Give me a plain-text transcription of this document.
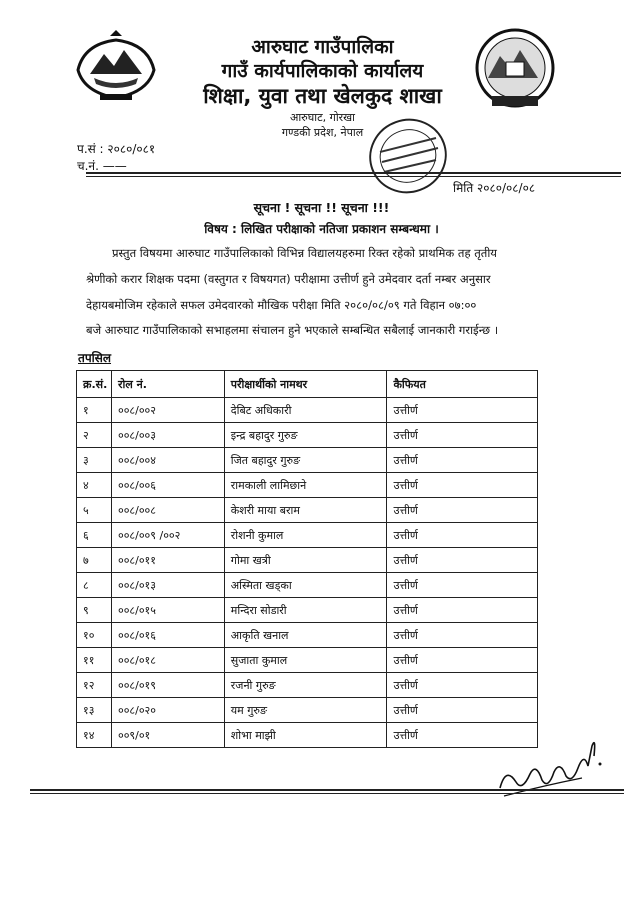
आरुघाट गाउँपालिका
गाउँ कार्यपालिकाको कार्यालय
शिक्षा, युवा तथा खेलकुद शाखा
आरुघाट, गोरखा
गण्डकी प्रदेश, नेपाल
प.सं : २०८०/०८१
च.नं. ——
मिति २०८०/०८/०८
सूचना ! सूचना !! सूचना !!!
विषय : लिखित परीक्षाको नतिजा प्रकाशन सम्बन्धमा ।
प्रस्तुत विषयमा आरुघाट गाउँपालिकाको विभिन्न विद्यालयहरुमा रिक्त रहेको प्राथमिक तह तृतीय
श्रेणीको करार शिक्षक पदमा (वस्तुगत र विषयगत) परीक्षामा उत्तीर्ण हुने उमेदवार दर्ता नम्बर अनुसार
देहायबमोजिम रहेकाले सफल उमेदवारको मौखिक परीक्षा मिति २०८०/०८/०९ गते विहान ०७:००
बजे आरुघाट गाउँपालिकाको सभाहलमा संचालन हुने भएकाले सम्बन्धित सबैलाई जानकारी गराईन्छ ।
तपसिल
क्र.सं.	रोल नं.	परीक्षार्थीको नामथर	कैफियत
१	००८/००२	देबिट अधिकारी	उत्तीर्ण
२	००८/००३	इन्द्र बहादुर गुरुङ	उत्तीर्ण
३	००८/००४	जित बहादुर गुरुङ	उत्तीर्ण
४	००८/००६	रामकाली लामिछाने	उत्तीर्ण
५	००८/००८	केशरी माया बराम	उत्तीर्ण
६	००८/००९ /००२	रोशनी कुमाल	उत्तीर्ण
७	००८/०११	गोमा खत्री	उत्तीर्ण
८	००८/०१३	अस्मिता खड्का	उत्तीर्ण
९	००८/०१५	मन्दिरा सोडारी	उत्तीर्ण
१०	००८/०१६	आकृति खनाल	उत्तीर्ण
११	००८/०१८	सुजाता कुमाल	उत्तीर्ण
१२	००८/०१९	रजनी गुरुङ	उत्तीर्ण
१३	००८/०२०	यम गुरुङ	उत्तीर्ण
१४	००९/०१	शोभा माझी	उत्तीर्ण
